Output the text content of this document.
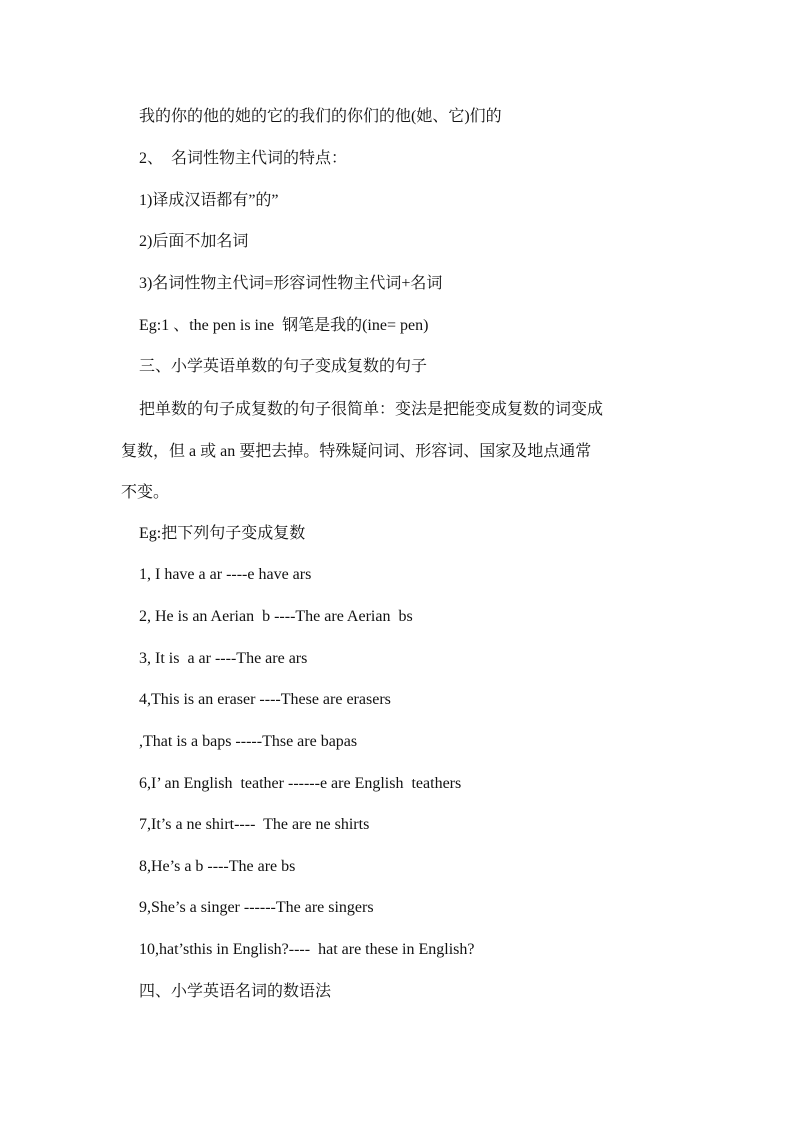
我的你的他的她的它的我们的你们的他(她、它)们的
2、  名词性物主代词的特点：
1)译成汉语都有”的”
2)后面不加名词
3)名词性物主代词=形容词性物主代词+名词
Eg:1 、the pen is ine  钢笔是我的(ine= pen)
三、小学英语单数的句子变成复数的句子
把单数的句子成复数的句子很简单：变法是把能变成复数的词变成
复数，但 a 或 an 要把去掉。特殊疑问词、形容词、国家及地点通常
不变。
Eg:把下列句子变成复数
1, I have a ar ----e have ars
2, He is an Aerian  b ----The are Aerian  bs
3, It is  a ar ----The are ars
4,This is an eraser ----These are erasers
,That is a baps -----Thse are bapas
6,I’ an English  teather ------e are English  teathers
7,It’s a ne shirt----  The are ne shirts
8,He’s a b ----The are bs
9,She’s a singer ------The are singers
10,hat’sthis in English?----  hat are these in English?
四、小学英语名词的数语法
